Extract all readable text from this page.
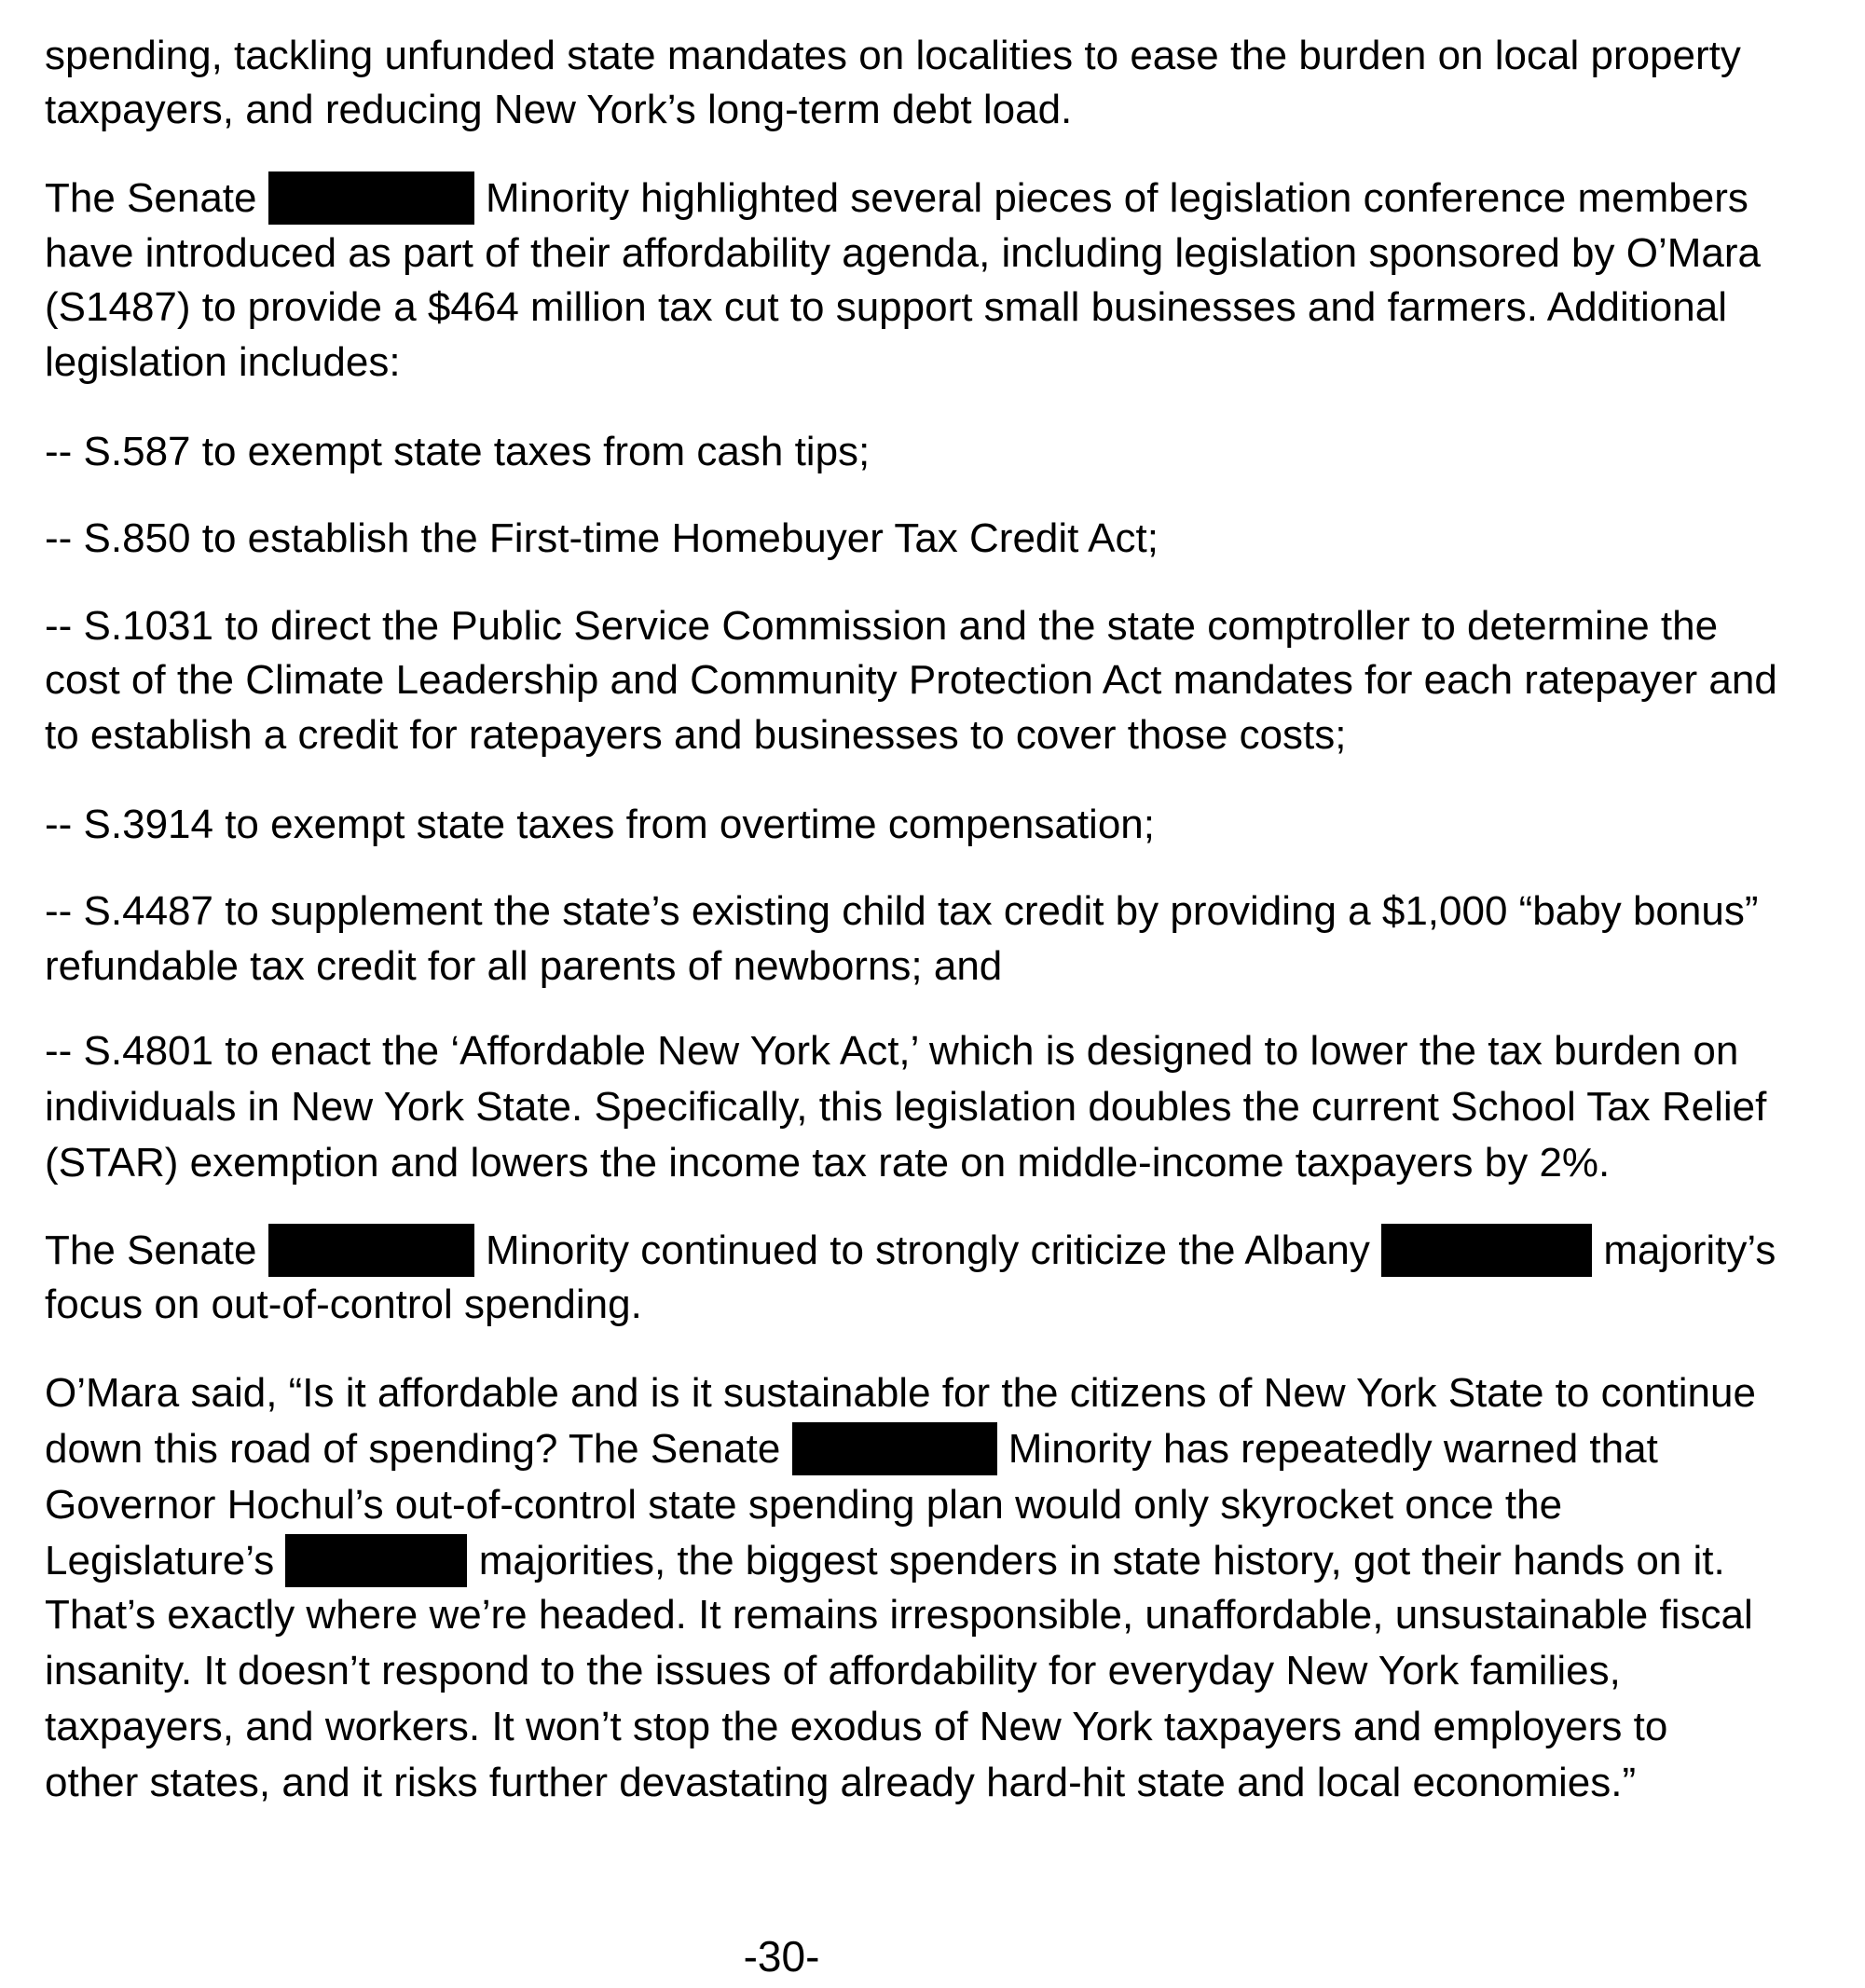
spending, tackling unfunded state mandates on localities to ease the burden on local property
taxpayers, and reducing New York’s long-term debt load.
The Senate	Minority highlighted several pieces of legislation conference members
have introduced as part of their affordability agenda, including legislation sponsored by O’Mara
(S1487) to provide a $464 million tax cut to support small businesses and farmers. Additional
legislation includes:
-- S.587 to exempt state taxes from cash tips;
-- S.850 to establish the First-time Homebuyer Tax Credit Act;
-- S.1031 to direct the Public Service Commission and the state comptroller to determine the
cost of the Climate Leadership and Community Protection Act mandates for each ratepayer and
to establish a credit for ratepayers and businesses to cover those costs;
-- S.3914 to exempt state taxes from overtime compensation;
-- S.4487 to supplement the state’s existing child tax credit by providing a $1,000 “baby bonus”
refundable tax credit for all parents of newborns; and
-- S.4801 to enact the ‘Affordable New York Act,’ which is designed to lower the tax burden on
individuals in New York State. Specifically, this legislation doubles the current School Tax Relief
(STAR) exemption and lowers the income tax rate on middle-income taxpayers by 2%.
The Senate	Minority continued to strongly criticize the Albany	majority’s
focus on out-of-control spending.
O’Mara said, “Is it affordable and is it sustainable for the citizens of New York State to continue
down this road of spending? The Senate	Minority has repeatedly warned that
Governor Hochul’s out-of-control state spending plan would only skyrocket once the
Legislature’s	majorities, the biggest spenders in state history, got their hands on it.
That’s exactly where we’re headed. It remains irresponsible, unaffordable, unsustainable fiscal
insanity. It doesn’t respond to the issues of affordability for everyday New York families,
taxpayers, and workers. It won’t stop the exodus of New York taxpayers and employers to
other states, and it risks further devastating already hard-hit state and local economies.”
-30-
